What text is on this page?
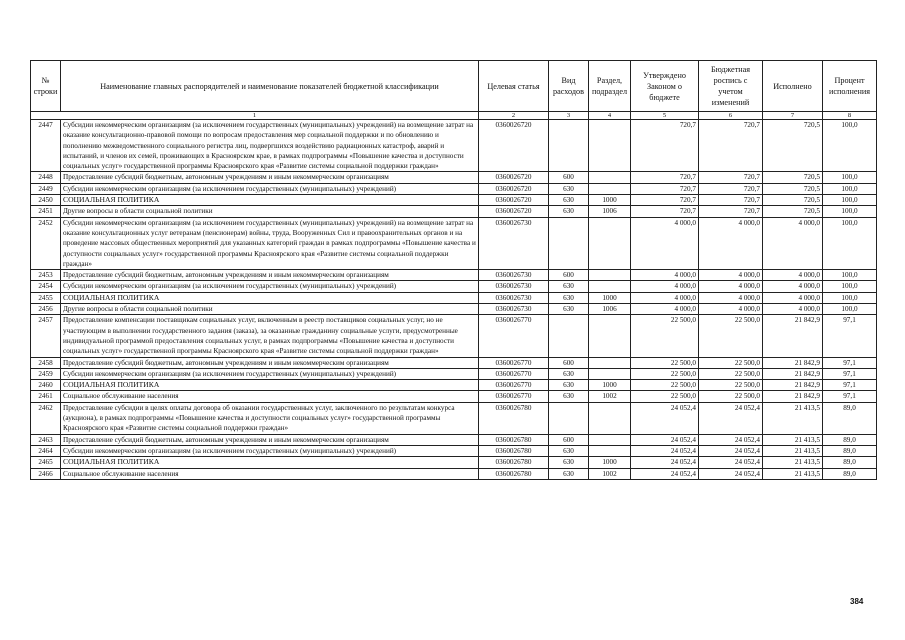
№ строки	Наименование главных распорядителей и наименование показателей бюджетной классификации	Целевая статья	Вид расходов	Раздел, подраздел	Утверждено Законом о бюджете	Бюджетная роспись с учетом изменений	Исполнено	Процент исполнения
1		2	3	4	5	6	7	8
2447	Субсидии некоммерческим организациям (за исключением государственных (муниципальных) учреждений) на возмещение затрат на оказание консультационно-правовой помощи по вопросам предоставления мер социальной поддержки и по обновлению и пополнению межведомственного социального регистра лиц, подвергшихся воздействию радиационных катастроф, аварий и испытаний, и членов их семей, проживающих в Красноярском крае, в рамках подпрограммы «Повышение качества и доступности социальных услуг» государственной программы Красноярского края «Развитие системы социальной поддержки граждан»	0360026720			720,7	720,7	720,5	100,0
2448	Предоставление субсидий бюджетным, автономным учреждениям и иным некоммерческим организациям	0360026720	600		720,7	720,7	720,5	100,0
2449	Субсидии некоммерческим организациям (за исключением государственных (муниципальных) учреждений)	0360026720	630		720,7	720,7	720,5	100,0
2450	СОЦИАЛЬНАЯ ПОЛИТИКА	0360026720	630	1000	720,7	720,7	720,5	100,0
2451	Другие вопросы в области социальной политики	0360026720	630	1006	720,7	720,7	720,5	100,0
2452	Субсидии некоммерческим организациям (за исключением государственных (муниципальных) учреждений) на возмещение затрат на оказание консультационных услуг ветеранам (пенсионерам) войны, труда, Вооруженных Сил и правоохранительных органов и на проведение массовых общественных мероприятий для указанных категорий граждан в рамках подпрограммы «Повышение качества и доступности социальных услуг» государственной программы Красноярского края «Развитие системы социальной поддержки граждан»	0360026730			4 000,0	4 000,0	4 000,0	100,0
2453	Предоставление субсидий бюджетным, автономным учреждениям и иным некоммерческим организациям	0360026730	600		4 000,0	4 000,0	4 000,0	100,0
2454	Субсидии некоммерческим организациям (за исключением государственных (муниципальных) учреждений)	0360026730	630		4 000,0	4 000,0	4 000,0	100,0
2455	СОЦИАЛЬНАЯ ПОЛИТИКА	0360026730	630	1000	4 000,0	4 000,0	4 000,0	100,0
2456	Другие вопросы в области социальной политики	0360026730	630	1006	4 000,0	4 000,0	4 000,0	100,0
2457	Предоставление компенсации поставщикам социальных услуг, включенным в реестр поставщиков социальных услуг, но не участвующим в выполнении государственного задания (заказа), за оказанные гражданину социальные услуги, предусмотренные индивидуальной программой предоставления социальных услуг, в рамках подпрограммы «Повышение качества и доступности социальных услуг» государственной программы Красноярского края «Развитие системы социальной поддержки граждан»	0360026770			22 500,0	22 500,0	21 842,9	97,1
2458	Предоставление субсидий бюджетным, автономным учреждениям и иным некоммерческим организациям	0360026770	600		22 500,0	22 500,0	21 842,9	97,1
2459	Субсидии некоммерческим организациям (за исключением государственных (муниципальных) учреждений)	0360026770	630		22 500,0	22 500,0	21 842,9	97,1
2460	СОЦИАЛЬНАЯ ПОЛИТИКА	0360026770	630	1000	22 500,0	22 500,0	21 842,9	97,1
2461	Социальное обслуживание населения	0360026770	630	1002	22 500,0	22 500,0	21 842,9	97,1
2462	Предоставление субсидии в целях оплаты договора об оказании государственных услуг, заключенного по результатам конкурса (аукциона), в рамках подпрограммы «Повышение качества и доступности социальных услуг» государственной программы Красноярского края «Развитие системы социальной поддержки граждан»	0360026780			24 052,4	24 052,4	21 413,5	89,0
2463	Предоставление субсидий бюджетным, автономным учреждениям и иным некоммерческим организациям	0360026780	600		24 052,4	24 052,4	21 413,5	89,0
2464	Субсидии некоммерческим организациям (за исключением государственных (муниципальных) учреждений)	0360026780	630		24 052,4	24 052,4	21 413,5	89,0
2465	СОЦИАЛЬНАЯ ПОЛИТИКА	0360026780	630	1000	24 052,4	24 052,4	21 413,5	89,0
2466	Социальное обслуживание населения	0360026780	630	1002	24 052,4	24 052,4	21 413,5	89,0
384
